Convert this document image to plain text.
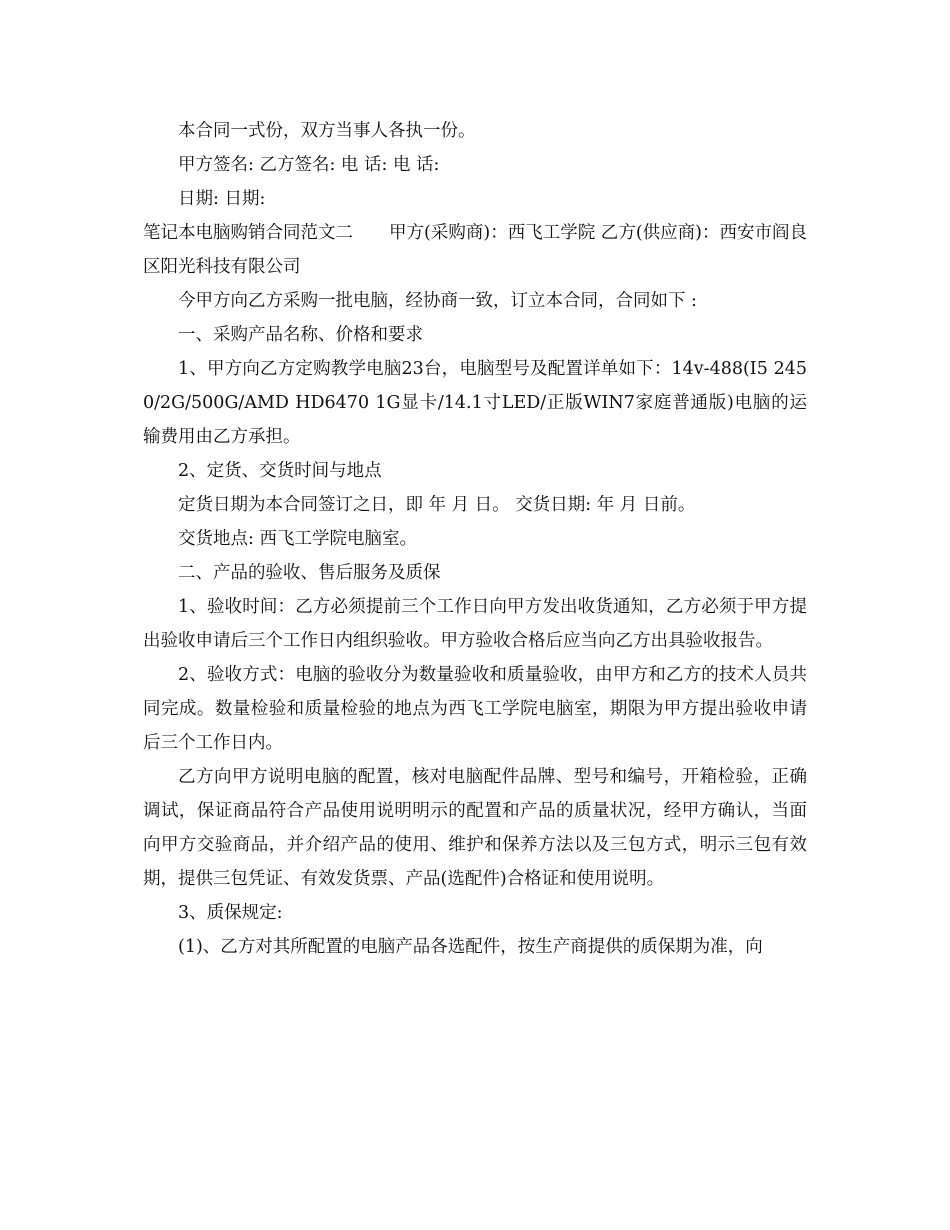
本合同一式份，双方当事人各执一份。

甲方签名: 乙方签名: 电 话: 电 话:

日期: 日期:

笔记本电脑购销合同范文二 甲方(采购商)：西飞工学院 乙方(供应商)：西安市阎良区阳光科技有限公司

今甲方向乙方采购一批电脑，经协商一致，订立本合同，合同如下 :

一、采购产品名称、价格和要求

1、甲方向乙方定购教学电脑23台，电脑型号及配置详单如下：14v-488(I5 2450/2G/500G/AMD HD6470 1G显卡/14.1寸LED/正版WIN7家庭普通版)电脑的运输费用由乙方承担。

2、定货、交货时间与地点

定货日期为本合同签订之日，即 年 月 日。 交货日期: 年 月 日前。

交货地点: 西飞工学院电脑室。

二、产品的验收、售后服务及质保

1、验收时间：乙方必须提前三个工作日向甲方发出收货通知，乙方必须于甲方提出验收申请后三个工作日内组织验收。甲方验收合格后应当向乙方出具验收报告。

2、验收方式：电脑的验收分为数量验收和质量验收，由甲方和乙方的技术人员共同完成。数量检验和质量检验的地点为西飞工学院电脑室，期限为甲方提出验收申请后三个工作日内。

乙方向甲方说明电脑的配置，核对电脑配件品牌、型号和编号，开箱检验，正确调试，保证商品符合产品使用说明明示的配置和产品的质量状况，经甲方确认，当面向甲方交验商品，并介绍产品的使用、维护和保养方法以及三包方式，明示三包有效期，提供三包凭证、有效发货票、产品(选配件)合格证和使用说明。

3、质保规定:

(1)、乙方对其所配置的电脑产品各选配件，按生产商提供的质保期为准，向
